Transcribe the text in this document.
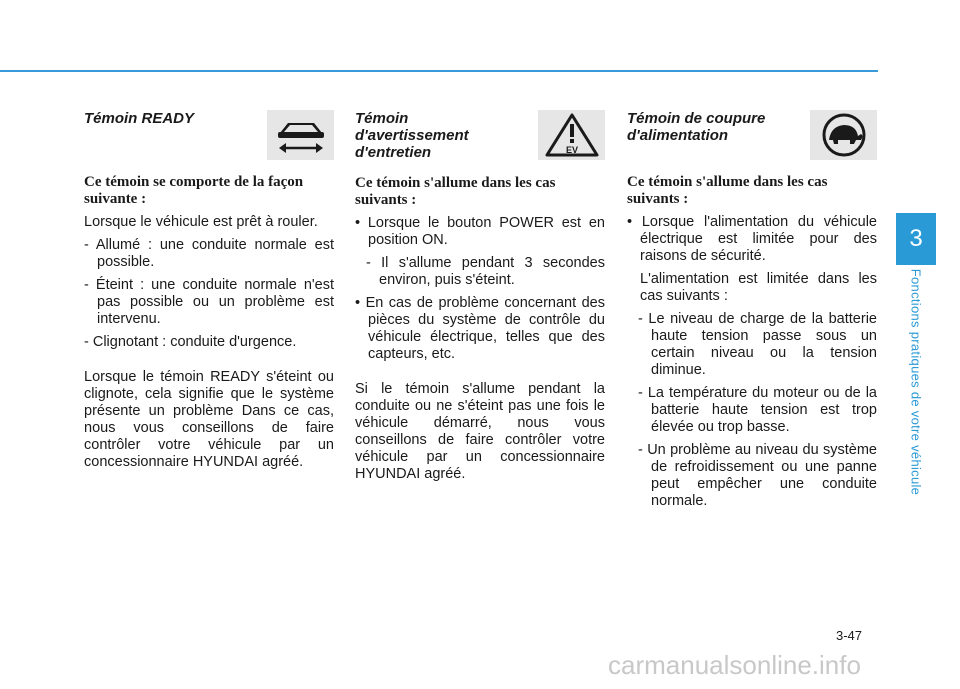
3
Fonctions pratiques de votre véhicule
Témoin READY
Ce témoin se comporte de la façon suivante :

Lorsque le véhicule est prêt à rouler.

- Allumé : une conduite normale est possible.
- Éteint : une conduite normale n'est pas possible ou un problème est intervenu.
- Clignotant : conduite d'urgence.

Lorsque le témoin READY s'éteint ou clignote, cela signifie que le système présente un problème Dans ce cas, nous vous conseillons de faire contrôler votre véhicule par un concessionnaire HYUNDAI agréé.

Témoin d'avertissement d'entretien	EV
Ce témoin s'allume dans les cas suivants :
• Lorsque le bouton POWER est en position ON.
- Il s'allume pendant 3 secondes environ, puis s'éteint.
• En cas de problème concernant des pièces du système de contrôle du véhicule électrique, telles que des capteurs, etc.

Si le témoin s'allume pendant la conduite ou ne s'éteint pas une fois le véhicule démarré, nous vous conseillons de faire contrôler votre véhicule par un concessionnaire HYUNDAI agréé.

Témoin de coupure d'alimentation
Ce témoin s'allume dans les cas suivants :
• Lorsque l'alimentation du véhicule électrique est limitée pour des raisons de sécurité.
L'alimentation est limitée dans les cas suivants :
- Le niveau de charge de la batterie haute tension passe sous un certain niveau ou la tension diminue.
- La température du moteur ou de la batterie haute tension est trop élevée ou trop basse.
- Un problème au niveau du système de refroidissement ou une panne peut empêcher une conduite normale.
3-47
carmanualsonline.info
